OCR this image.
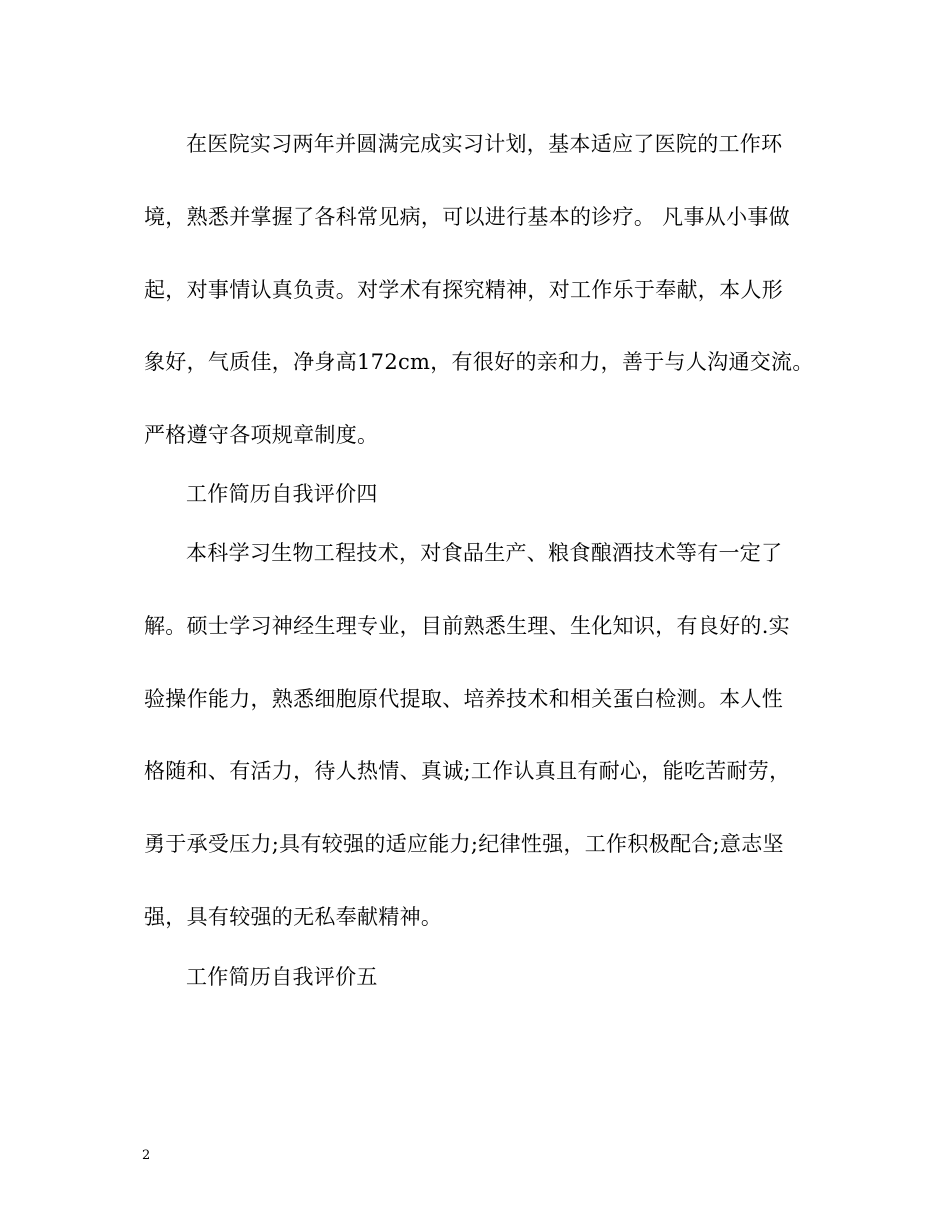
在医院实习两年并圆满完成实习计划，基本适应了医院的工作环
境，熟悉并掌握了各科常见病，可以进行基本的诊疗。 凡事从小事做
起，对事情认真负责。对学术有探究精神，对工作乐于奉献，本人形
象好，气质佳，净身高172cm，有很好的亲和力，善于与人沟通交流。
严格遵守各项规章制度。
工作简历自我评价四
本科学习生物工程技术，对食品生产、粮食酿酒技术等有一定了
解。硕士学习神经生理专业，目前熟悉生理、生化知识，有良好的.实
验操作能力，熟悉细胞原代提取、培养技术和相关蛋白检测。本人性
格随和、有活力，待人热情、真诚;工作认真且有耐心，能吃苦耐劳，
勇于承受压力;具有较强的适应能力;纪律性强，工作积极配合;意志坚
强，具有较强的无私奉献精神。
工作简历自我评价五
2
